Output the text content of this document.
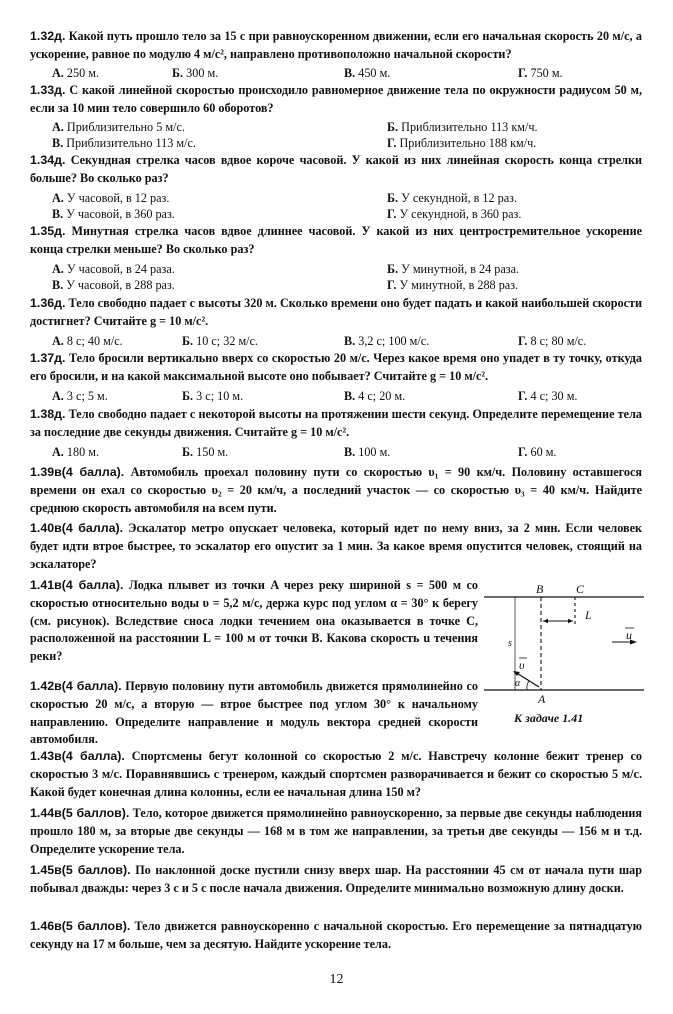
1.32д. Какой путь прошло тело за 15 с при равноускоренном движении, если его начальная скорость 20 м/с, а ускорение, равное по модулю 4 м/с², направлено противоположно начальной скорости?
А. 250 м.	Б. 300 м.	В. 450 м.	Г. 750 м.
1.33д. С какой линейной скоростью происходило равномерное движение тела по окружности радиусом 50 м, если за 10 мин тело совершило 60 оборотов?
А. Приблизительно 5 м/с.	Б. Приблизительно 113 км/ч.
В. Приблизительно 113 м/с.	Г. Приблизительно 188 км/ч.
1.34д. Секундная стрелка часов вдвое короче часовой. У какой из них линейная скорость конца стрелки больше? Во сколько раз?
А. У часовой, в 12 раз.	Б. У секундной, в 12 раз.
В. У часовой, в 360 раз.	Г. У секундной, в 360 раз.
1.35д. Минутная стрелка часов вдвое длиннее часовой. У какой из них центростремительное ускорение конца стрелки меньше? Во сколько раз?
А. У часовой, в 24 раза.	Б. У минутной, в 24 раза.
В. У часовой, в 288 раз.	Г. У минутной, в 288 раз.
1.36д. Тело свободно падает с высоты 320 м. Сколько времени оно будет падать и какой наибольшей скорости достигнет? Считайте g = 10 м/с².
А. 8 с; 40 м/с.	Б. 10 с; 32 м/с.	В. 3,2 с; 100 м/с.	Г. 8 с; 80 м/с.
1.37д. Тело бросили вертикально вверх со скоростью 20 м/с. Через какое время оно упадет в ту точку, откуда его бросили, и на какой максимальной высоте оно побывает? Считайте g = 10 м/с².
А. 3 с; 5 м.	Б. 3 с; 10 м.	В. 4 с; 20 м.	Г. 4 с; 30 м.
1.38д. Тело свободно падает с некоторой высоты на протяжении шести секунд. Определите перемещение тела за последние две секунды движения. Считайте g = 10 м/с².
А. 180 м.	Б. 150 м.	В. 100 м.	Г. 60 м.
1.39в(4 балла). Автомобиль проехал половину пути со скоростью υ₁ = 90 км/ч. Половину оставшегося времени он ехал со скоростью υ₂ = 20 км/ч, а последний участок — со скоростью υ₃ = 40 км/ч. Найдите среднюю скорость автомобиля на всем пути.
1.40в(4 балла). Эскалатор метро опускает человека, который идет по нему вниз, за 2 мин. Если человек будет идти втрое быстрее, то эскалатор его опустит за 1 мин. За какое время опустится человек, стоящий на эскалаторе?
1.41в(4 балла). Лодка плывет из точки A через реку шириной s = 500 м со скоростью относительно воды υ = 5,2 м/с, держа курс под углом α = 30° к берегу (см. рисунок). Вследствие сноса лодки течением она оказывается в точке C, расположенной на расстоянии L = 100 м от точки B. Какова скорость u течения реки?
1.42в(4 балла). Первую половину пути автомобиль движется прямолинейно со скоростью 20 м/с, а вторую — втрое быстрее под углом 30° к начальному направлению. Определите направление и модуль вектора средней скорости автомобиля.
B	C
L
u
s
υ
α
A
К задаче 1.41
1.43в(4 балла). Спортсмены бегут колонной со скоростью 2 м/с. Навстречу колонне бежит тренер со скоростью 3 м/с. Поравнявшись с тренером, каждый спортсмен разворачивается и бежит со скоростью 5 м/с. Какой будет конечная длина колонны, если ее начальная длина 150 м?
1.44в(5 баллов). Тело, которое движется прямолинейно равноускоренно, за первые две секунды наблюдения прошло 180 м, за вторые две секунды — 168 м в том же направлении, за третьи две секунды — 156 м и т.д. Определите ускорение тела.
1.45в(5 баллов). По наклонной доске пустили снизу вверх шар. На расстоянии 45 см от начала пути шар побывал дважды: через 3 с и 5 с после начала движения. Определите минимально возможную длину доски.
1.46в(5 баллов). Тело движется равноускоренно с начальной скоростью. Его перемещение за пятнадцатую секунду на 17 м больше, чем за десятую. Найдите ускорение тела.
12
